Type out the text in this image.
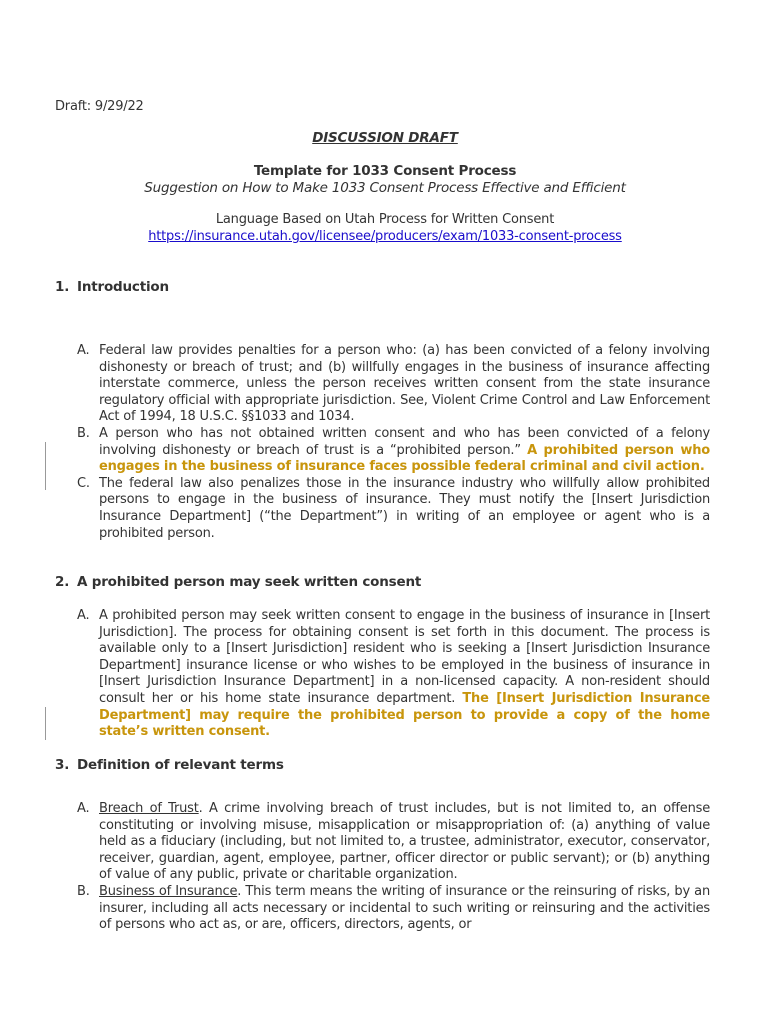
Draft: 9/29/22
DISCUSSION DRAFT
Template for 1033 Consent Process
Suggestion on How to Make 1033 Consent Process Effective and Efficient
Language Based on Utah Process for Written Consent
https://insurance.utah.gov/licensee/producers/exam/1033-consent-process
1. Introduction
A. Federal law provides penalties for a person who: (a) has been convicted of a felony involving dishonesty or breach of trust; and (b) willfully engages in the business of insurance affecting interstate commerce, unless the person receives written consent from the state insurance regulatory official with appropriate jurisdiction. See, Violent Crime Control and Law Enforcement Act of 1994, 18 U.S.C. §§1033 and 1034.
B. A person who has not obtained written consent and who has been convicted of a felony involving dishonesty or breach of trust is a “prohibited person.” A prohibited person who engages in the business of insurance faces possible federal criminal and civil action.
C. The federal law also penalizes those in the insurance industry who willfully allow prohibited persons to engage in the business of insurance. They must notify the [Insert Jurisdiction Insurance Department] (“the Department”) in writing of an employee or agent who is a prohibited person.
2. A prohibited person may seek written consent
A. A prohibited person may seek written consent to engage in the business of insurance in [Insert Jurisdiction]. The process for obtaining consent is set forth in this document. The process is available only to a [Insert Jurisdiction] resident who is seeking a [Insert Jurisdiction Insurance Department] insurance license or who wishes to be employed in the business of insurance in [Insert Jurisdiction Insurance Department] in a non-licensed capacity. A non-resident should consult her or his home state insurance department. The [Insert Jurisdiction Insurance Department] may require the prohibited person to provide a copy of the home state’s written consent.
3. Definition of relevant terms
A. Breach of Trust. A crime involving breach of trust includes, but is not limited to, an offense constituting or involving misuse, misapplication or misappropriation of: (a) anything of value held as a fiduciary (including, but not limited to, a trustee, administrator, executor, conservator, receiver, guardian, agent, employee, partner, officer director or public servant); or (b) anything of value of any public, private or charitable organization.
B. Business of Insurance. This term means the writing of insurance or the reinsuring of risks, by an insurer, including all acts necessary or incidental to such writing or reinsuring and the activities of persons who act as, or are, officers, directors, agents, or
